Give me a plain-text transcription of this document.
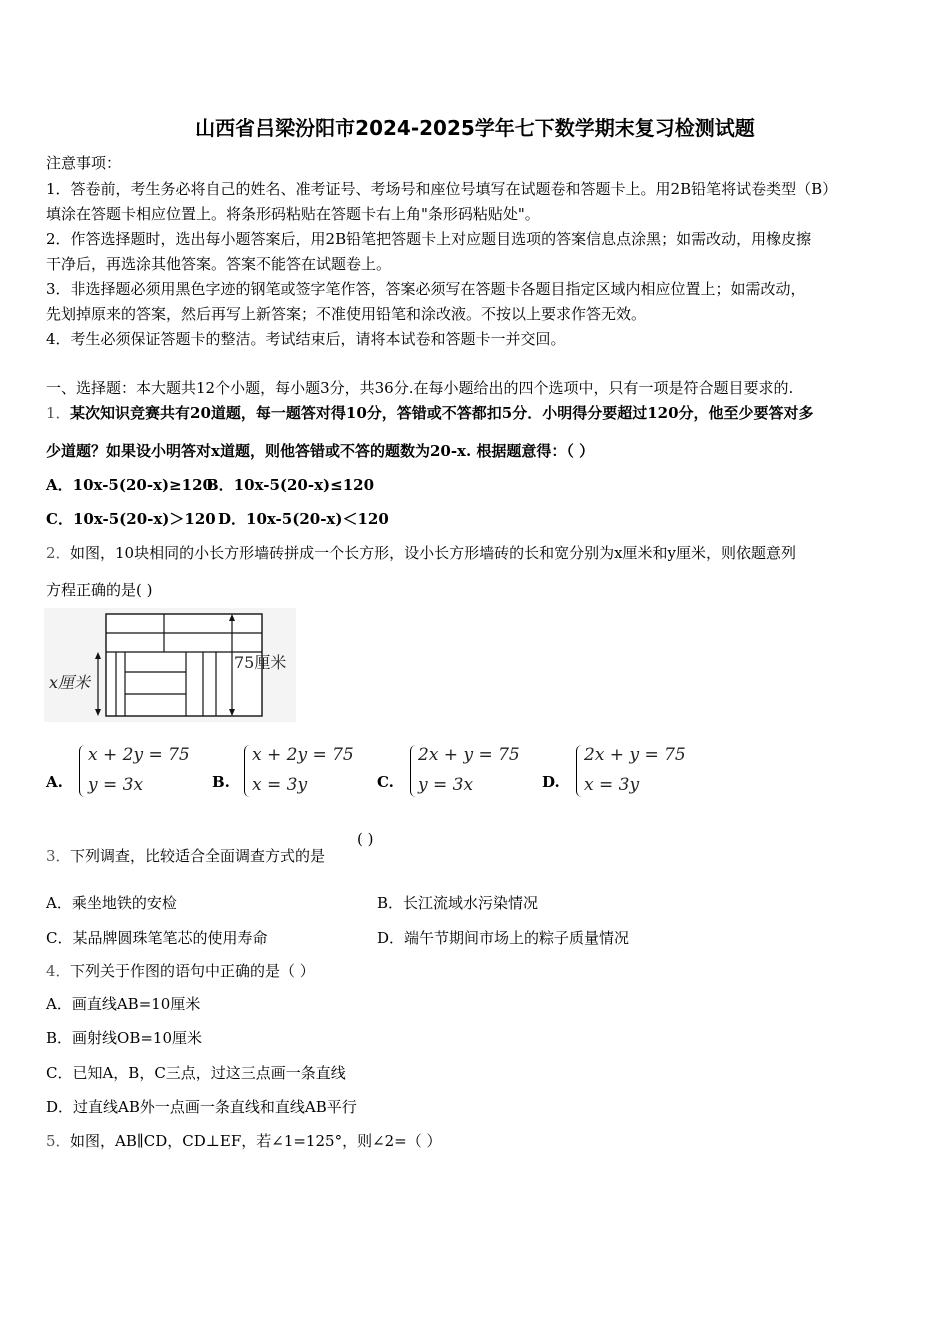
山西省吕梁汾阳市2024-2025学年七下数学期末复习检测试题
注意事项：
1．答卷前，考生务必将自己的姓名、准考证号、考场号和座位号填写在试题卷和答题卡上。用2B铅笔将试卷类型（B）
填涂在答题卡相应位置上。将条形码粘贴在答题卡右上角"条形码粘贴处"。
2．作答选择题时，选出每小题答案后，用2B铅笔把答题卡上对应题目选项的答案信息点涂黑；如需改动，用橡皮擦
干净后，再选涂其他答案。答案不能答在试题卷上。
3．非选择题必须用黑色字迹的钢笔或签字笔作答，答案必须写在答题卡各题目指定区域内相应位置上；如需改动，
先划掉原来的答案，然后再写上新答案；不准使用铅笔和涂改液。不按以上要求作答无效。
4．考生必须保证答题卡的整洁。考试结束后，请将本试卷和答题卡一并交回。
一、选择题：本大题共12个小题，每小题3分，共36分.在每小题给出的四个选项中，只有一项是符合题目要求的.
1． 某次知识竞赛共有20道题，每一题答对得10分，答错或不答都扣5分．小明得分要超过120分，他至少要答对多
少道题？如果设小明答对x道题，则他答错或不答的题数为20-x. 根据题意得：（ ）
A．10x-5(20-x)≥120
B．10x-5(20-x)≤120
C．10x-5(20-x)＞120 D．10x-5(20-x)＜120
2． 如图，10块相同的小长方形墙砖拼成一个长方形，设小长方形墙砖的长和宽分别为x厘米和y厘米，则依题意列
方程正确的是( )
x厘米
75厘米
A.
x + 2y = 75
y = 3x	B.
x + 2y = 75
x = 3y	C.
2x + y = 75
y = 3x	D.
2x + y = 75
x = 3y
3． 下列调查，比较适合全面调查方式的是
( )
A．乘坐地铁的安检	B．长江流域水污染情况
C．某品牌圆珠笔笔芯的使用寿命	D．端午节期间市场上的粽子质量情况
4． 下列关于作图的语句中正确的是（ ）
A．画直线AB=10厘米
B．画射线OB=10厘米
C．已知A，B，C三点，过这三点画一条直线
D．过直线AB外一点画一条直线和直线AB平行
5． 如图，AB∥CD，CD⊥EF，若∠1=125°，则∠2=（ ）
